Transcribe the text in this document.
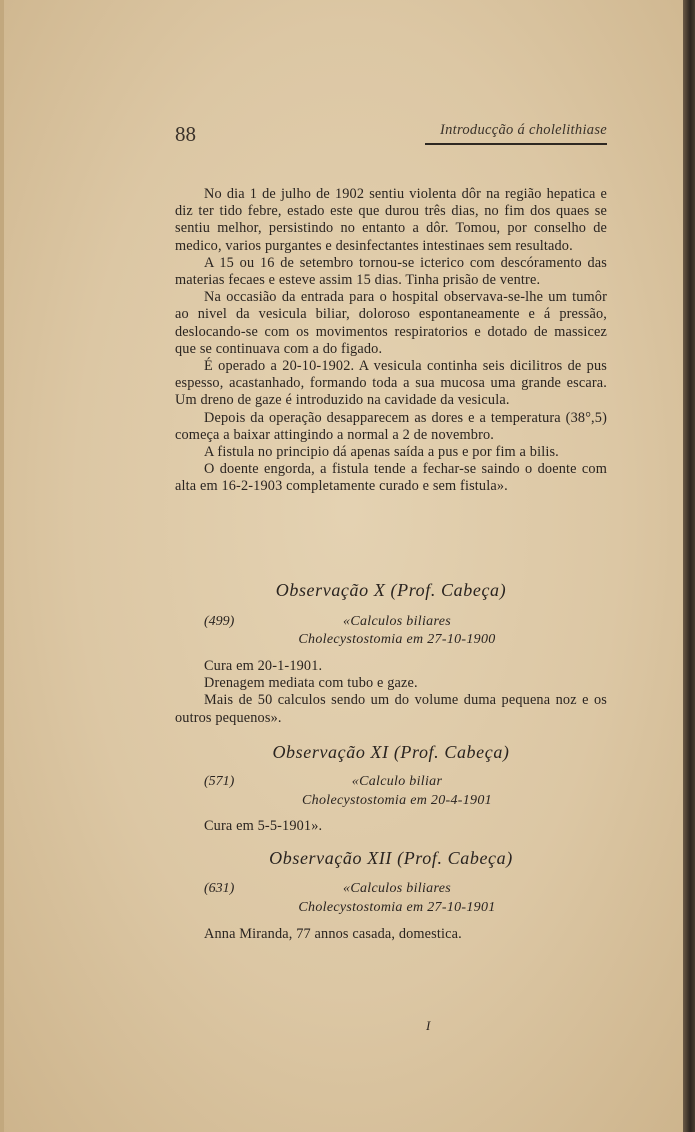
88	Introducção á cholelithiase

No dia 1 de julho de 1902 sentiu violenta dôr na região hepatica e diz ter tido febre, estado este que durou três dias, no fim dos quaes se sentiu melhor, persistindo no entanto a dôr. Tomou, por conselho de medico, varios purgantes e desinfectantes intestinaes sem resultado.

A 15 ou 16 de setembro tornou-se icterico com descóramento das materias fecaes e esteve assim 15 dias. Tinha prisão de ventre.

Na occasião da entrada para o hospital observava-se-lhe um tumôr ao nivel da vesicula biliar, doloroso espontaneamente e á pressão, deslocando-se com os movimentos respiratorios e dotado de massicez que se continuava com a do figado.

É operado a 20-10-1902. A vesicula continha seis dicilitros de pus espesso, acastanhado, formando toda a sua mucosa uma grande escara. Um dreno de gaze é introduzido na cavidade da vesicula.

Depois da operação desapparecem as dores e a temperatura (38°,5) começa a baixar attingindo a normal a 2 de novembro.

A fistula no principio dá apenas saída a pus e por fim a bilis.

O doente engorda, a fistula tende a fechar-se saindo o doente com alta em 16-2-1903 completamente curado e sem fistula».

Observação X (Prof. Cabeça)
(499)	«Calculos biliares
Cholecystostomia em 27-10-1900

Cura em 20-1-1901.

Drenagem mediata com tubo e gaze.

Mais de 50 calculos sendo um do volume duma pequena noz e os outros pequenos».

Observação XI (Prof. Cabeça)
(571)	«Calculo biliar
Cholecystostomia em 20-4-1901

Cura em 5-5-1901».

Observação XII (Prof. Cabeça)
(631)	«Calculos biliares
Cholecystostomia em 27-10-1901

Anna Miranda, 77 annos casada, domestica.

I
